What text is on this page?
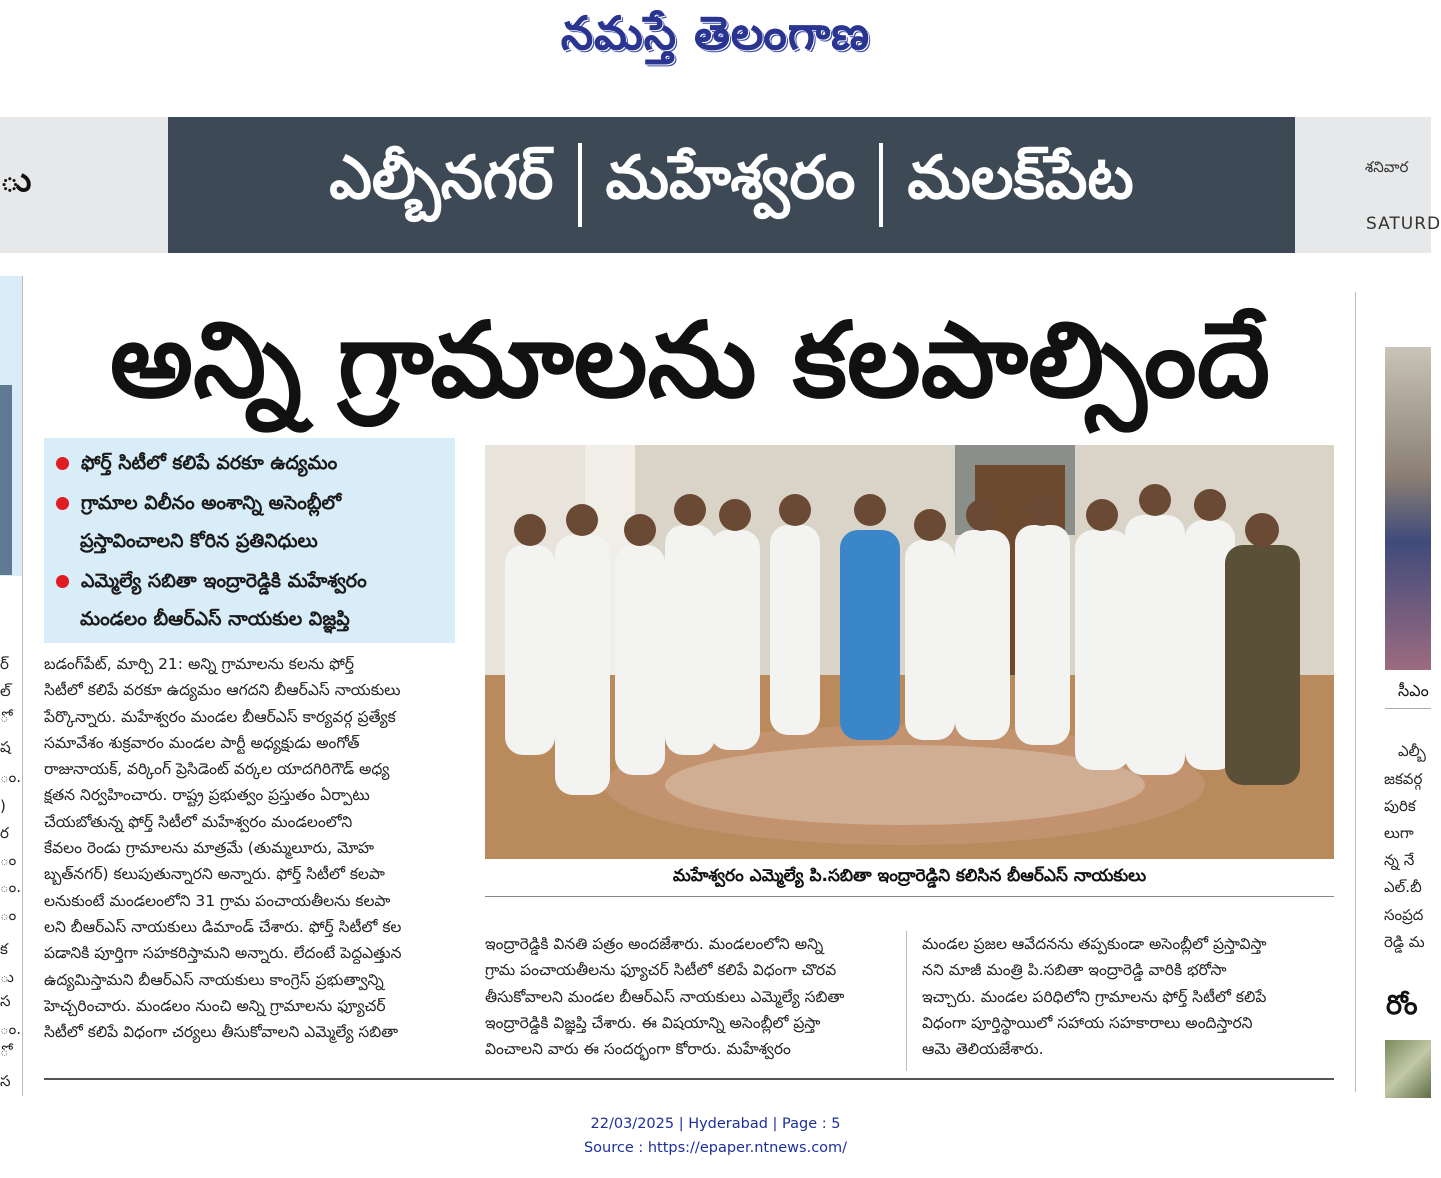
నమస్తే తెలంగాణ
ు	ఎల్బీనగర్ మహేశ్వరం మలక్‌పేట	శనివార
SATURD
ర్
ల్
ో
ష
ం.
)
ర
ం
ం.
ం
క
ు
స
ం.
ో
స
అన్ని గ్రామాలను కలపాల్సిందే
ఫోర్త్ సిటీలో కలిపే వరకూ ఉద్యమం
గ్రామాల విలీనం అంశాన్ని అసెంబ్లీలో
ప్రస్తావించాలని కోరిన ప్రతినిధులు
ఎమ్మెల్యే సబితా ఇంద్రారెడ్డికి మహేశ్వరం
మండలం బీఆర్‌ఎస్ నాయకుల విజ్ఞప్తి
మహేశ్వరం ఎమ్మెల్యే పి.సబితా ఇంద్రారెడ్డిని కలిసిన బీఆర్‌ఎస్ నాయకులు

బడంగ్‌పేట్, మార్చి 21: అన్ని గ్రామాలను కలను ఫోర్త్

సిటీలో కలిపే వరకూ ఉద్యమం ఆగదని బీఆర్‌ఎస్ నాయకులు

పేర్కొన్నారు. మహేశ్వరం మండల బీఆర్‌ఎస్ కార్యవర్గ ప్రత్యేక

సమావేశం శుక్రవారం మండల పార్టీ అధ్యక్షుడు అంగోత్

రాజునాయక్, వర్కింగ్ ప్రెసిడెంట్ వర్కల యాదగిరిగౌడ్ అధ్య

క్షతన నిర్వహించారు. రాష్ట్ర ప్రభుత్వం ప్రస్తుతం ఏర్పాటు

చేయబోతున్న ఫోర్త్ సిటీలో మహేశ్వరం మండలంలోని

కేవలం రెండు గ్రామాలను మాత్రమే (తుమ్మలూరు, మోహ

బ్బత్‌నగర్) కలుపుతున్నారని అన్నారు. ఫోర్త్ సిటీలో కలపా

లనుకుంటే మండలంలోని 31 గ్రామ పంచాయతీలను కలపా

లని బీఆర్‌ఎస్ నాయకులు డిమాండ్ చేశారు. ఫోర్త్ సిటీలో కల

పడానికి పూర్తిగా సహకరిస్తామని అన్నారు. లేదంటే పెద్దఎత్తున

ఉద్యమిస్తామని బీఆర్‌ఎస్ నాయకులు కాంగ్రెస్ ప్రభుత్వాన్ని

హెచ్చరించారు. మండలం నుంచి అన్ని గ్రామాలను ఫ్యూచర్

సిటీలో కలిపే విధంగా చర్యలు తీసుకోవాలని ఎమ్మెల్యే సబితా

ఇంద్రారెడ్డికి వినతి పత్రం అందజేశారు. మండలంలోని అన్ని

గ్రామ పంచాయతీలను ఫ్యూచర్ సిటీలో కలిపే విధంగా చొరవ

తీసుకోవాలని మండల బీఆర్‌ఎస్ నాయకులు ఎమ్మెల్యే సబితా

ఇంద్రారెడ్డికి విజ్ఞప్తి చేశారు. ఈ విషయాన్ని అసెంబ్లీలో ప్రస్తా

వించాలని వారు ఈ సందర్భంగా కోరారు. మహేశ్వరం

మండల ప్రజల ఆవేదనను తప్పకుండా అసెంబ్లీలో ప్రస్తావిస్తా

నని మాజీ మంత్రి పి.సబితా ఇంద్రారెడ్డి వారికి భరోసా

ఇచ్చారు. మండల పరిధిలోని గ్రామాలను ఫోర్త్ సిటీలో కలిపే

విధంగా పూర్తిస్థాయిలో సహాయ సహకారాలు అందిస్తారని

ఆమె తెలియజేశారు.

సీఎం
ఎల్బీ
జకవర్గ
పురిక
లుగా
న్న నే
ఎల్.బీ
సంప్రద
రెడ్డి మ
రోం
22/03/2025 | Hyderabad | Page : 5
Source : https://epaper.ntnews.com/
